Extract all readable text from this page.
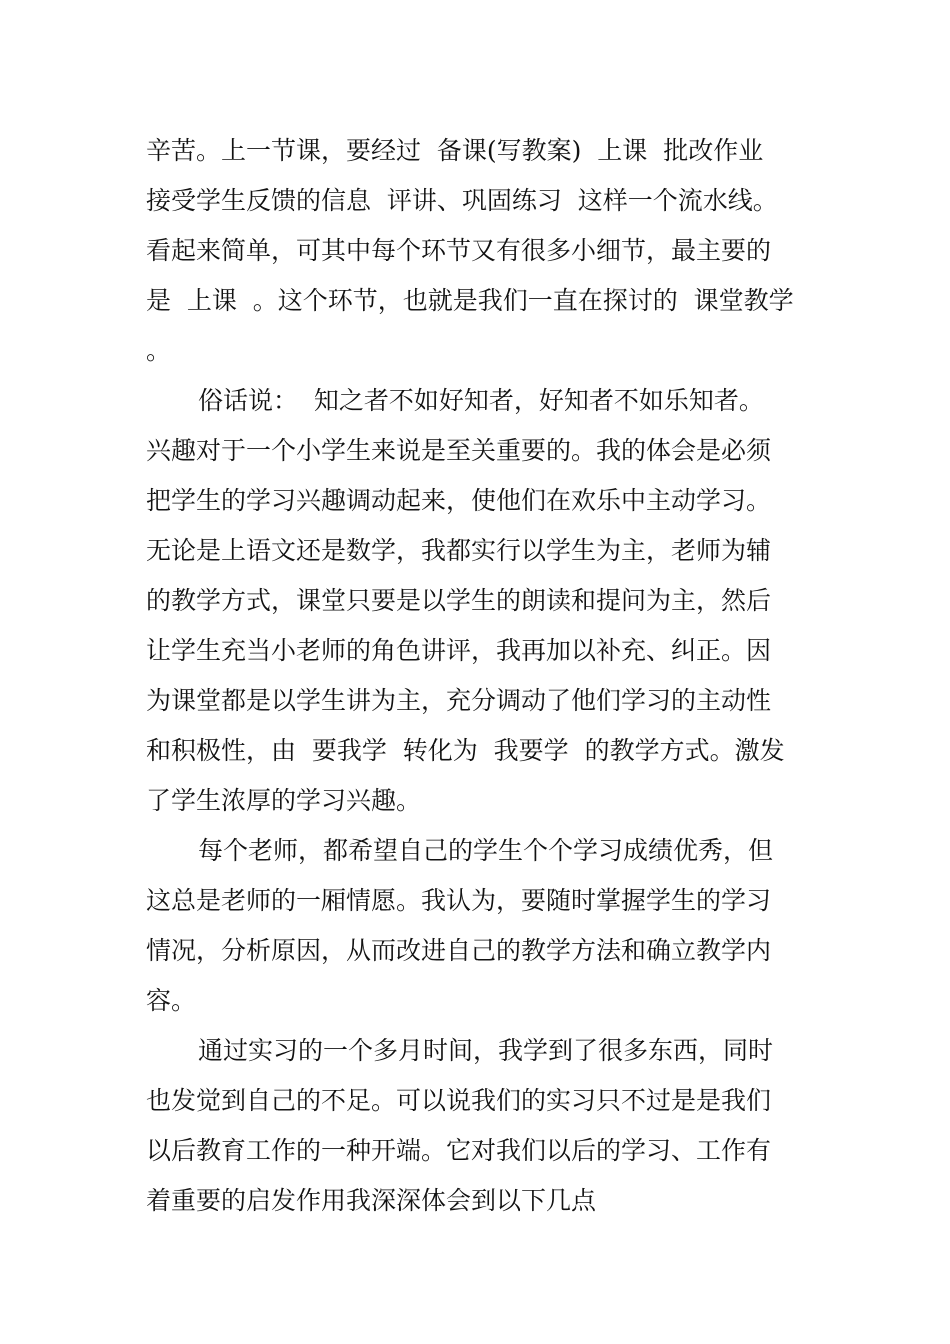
辛苦。上一节课，要经过  备课(写教案)  上课  批改作业
接受学生反馈的信息  评讲、巩固练习  这样一个流水线。
看起来简单，可其中每个环节又有很多小细节，最主要的
是  上课  。这个环节，也就是我们一直在探讨的  课堂教学
。
俗话说：  知之者不如好知者，好知者不如乐知者。
兴趣对于一个小学生来说是至关重要的。我的体会是必须
把学生的学习兴趣调动起来，使他们在欢乐中主动学习。
无论是上语文还是数学，我都实行以学生为主，老师为辅
的教学方式，课堂只要是以学生的朗读和提问为主，然后
让学生充当小老师的角色讲评，我再加以补充、纠正。因
为课堂都是以学生讲为主，充分调动了他们学习的主动性
和积极性，由  要我学  转化为  我要学  的教学方式。激发
了学生浓厚的学习兴趣。
每个老师，都希望自己的学生个个学习成绩优秀，但
这总是老师的一厢情愿。我认为，要随时掌握学生的学习
情况，分析原因，从而改进自己的教学方法和确立教学内
容。
通过实习的一个多月时间，我学到了很多东西，同时
也发觉到自己的不足。可以说我们的实习只不过是是我们
以后教育工作的一种开端。它对我们以后的学习、工作有
着重要的启发作用我深深体会到以下几点
